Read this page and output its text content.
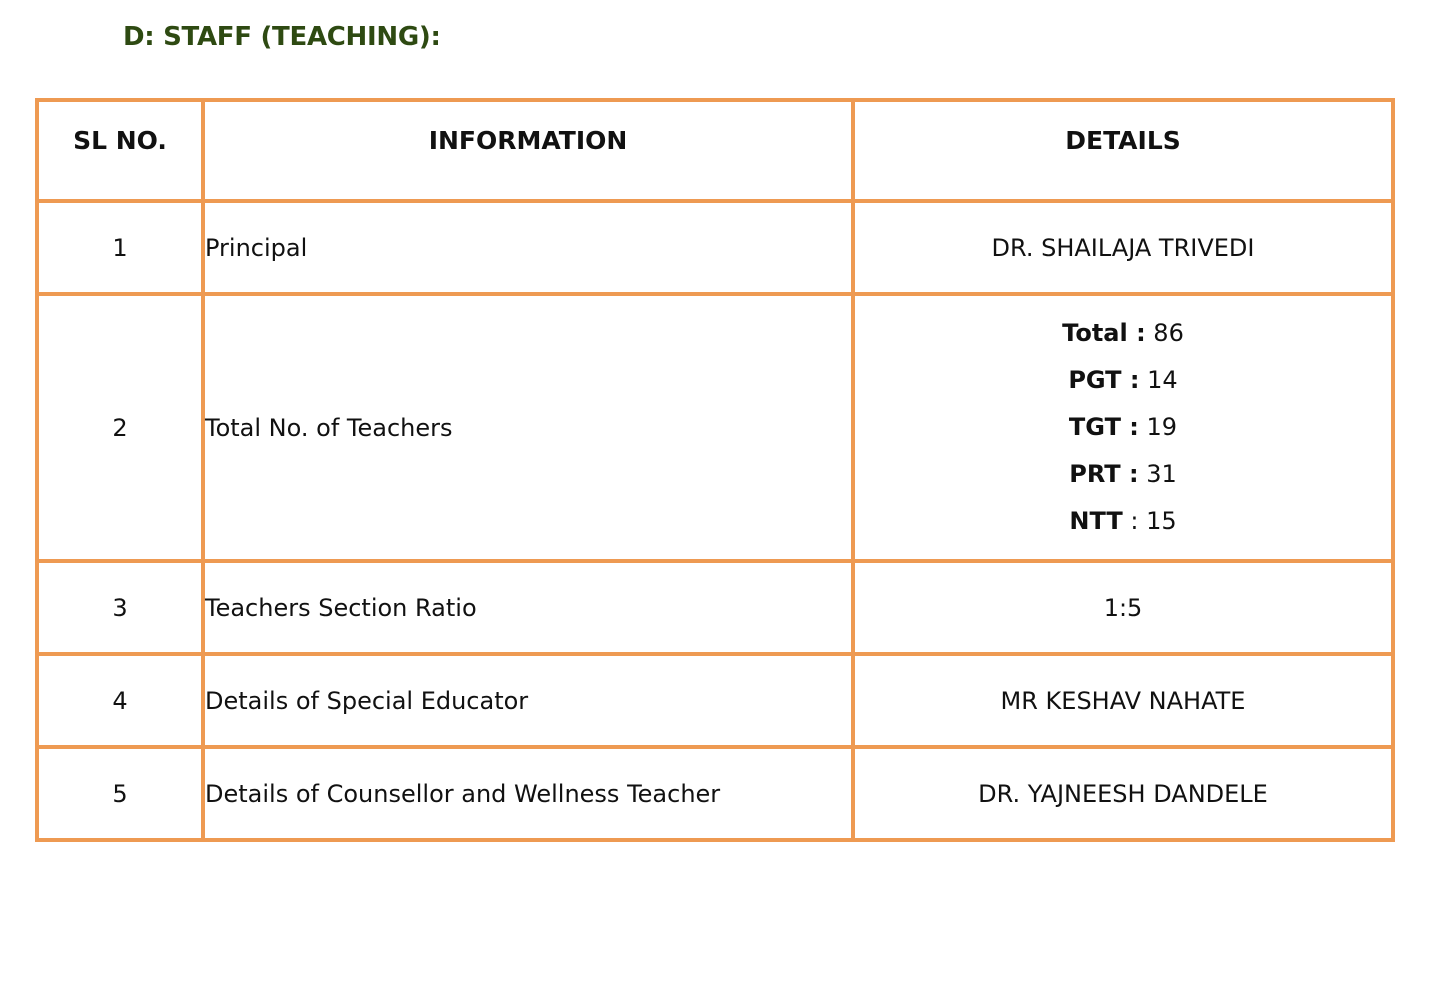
D: STAFF (TEACHING):
SL NO.	INFORMATION	DETAILS
1	Principal	DR. SHAILAJA TRIVEDI
2	Total No. of Teachers	Total : 86
PGT : 14
TGT : 19
PRT : 31
NTT : 15

3	Teachers Section Ratio	1:5
4	Details of Special Educator	MR KESHAV NAHATE
5	Details of Counsellor and Wellness Teacher	DR. YAJNEESH DANDELE
